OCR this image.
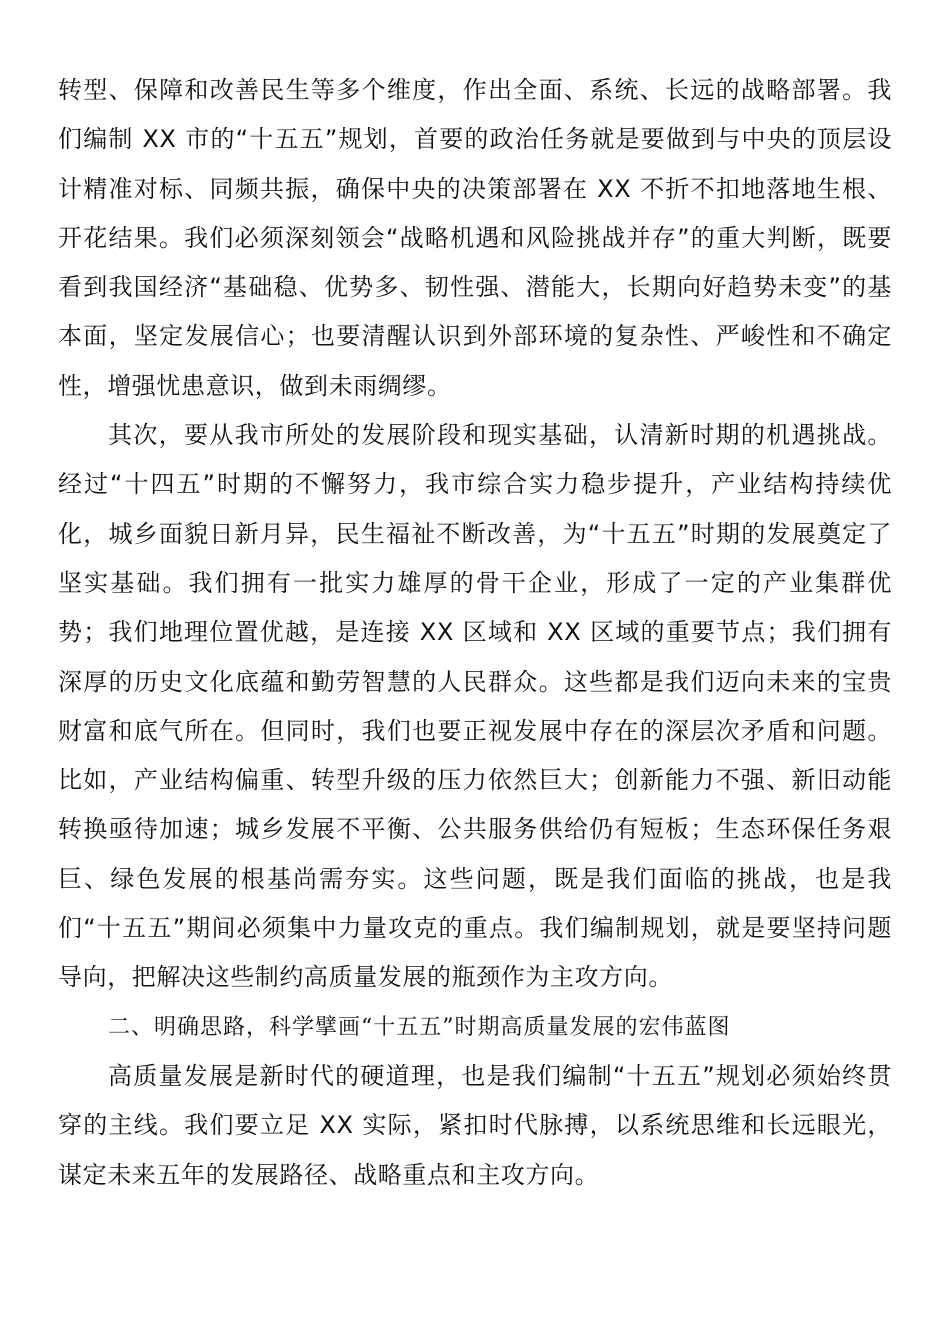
转型、保障和改善民生等多个维度，作出全面、系统、长远的战略部署。我们编制 XX 市的“十五五”规划，首要的政治任务就是要做到与中央的顶层设计精准对标、同频共振，确保中央的决策部署在 XX 不折不扣地落地生根、开花结果。我们必须深刻领会“战略机遇和风险挑战并存”的重大判断，既要看到我国经济“基础稳、优势多、韧性强、潜能大，长期向好趋势未变”的基本面，坚定发展信心；也要清醒认识到外部环境的复杂性、严峻性和不确定性，增强忧患意识，做到未雨绸缪。

其次，要从我市所处的发展阶段和现实基础，认清新时期的机遇挑战。经过“十四五”时期的不懈努力，我市综合实力稳步提升，产业结构持续优化，城乡面貌日新月异，民生福祉不断改善，为“十五五”时期的发展奠定了坚实基础。我们拥有一批实力雄厚的骨干企业，形成了一定的产业集群优势；我们地理位置优越，是连接 XX 区域和 XX 区域的重要节点；我们拥有深厚的历史文化底蕴和勤劳智慧的人民群众。这些都是我们迈向未来的宝贵财富和底气所在。但同时，我们也要正视发展中存在的深层次矛盾和问题。比如，产业结构偏重、转型升级的压力依然巨大；创新能力不强、新旧动能转换亟待加速；城乡发展不平衡、公共服务供给仍有短板；生态环保任务艰巨、绿色发展的根基尚需夯实。这些问题，既是我们面临的挑战，也是我们“十五五”期间必须集中力量攻克的重点。我们编制规划，就是要坚持问题导向，把解决这些制约高质量发展的瓶颈作为主攻方向。

二、明确思路，科学擘画“十五五”时期高质量发展的宏伟蓝图

高质量发展是新时代的硬道理，也是我们编制“十五五”规划必须始终贯穿的主线。我们要立足 XX 实际，紧扣时代脉搏，以系统思维和长远眼光，谋定未来五年的发展路径、战略重点和主攻方向。
